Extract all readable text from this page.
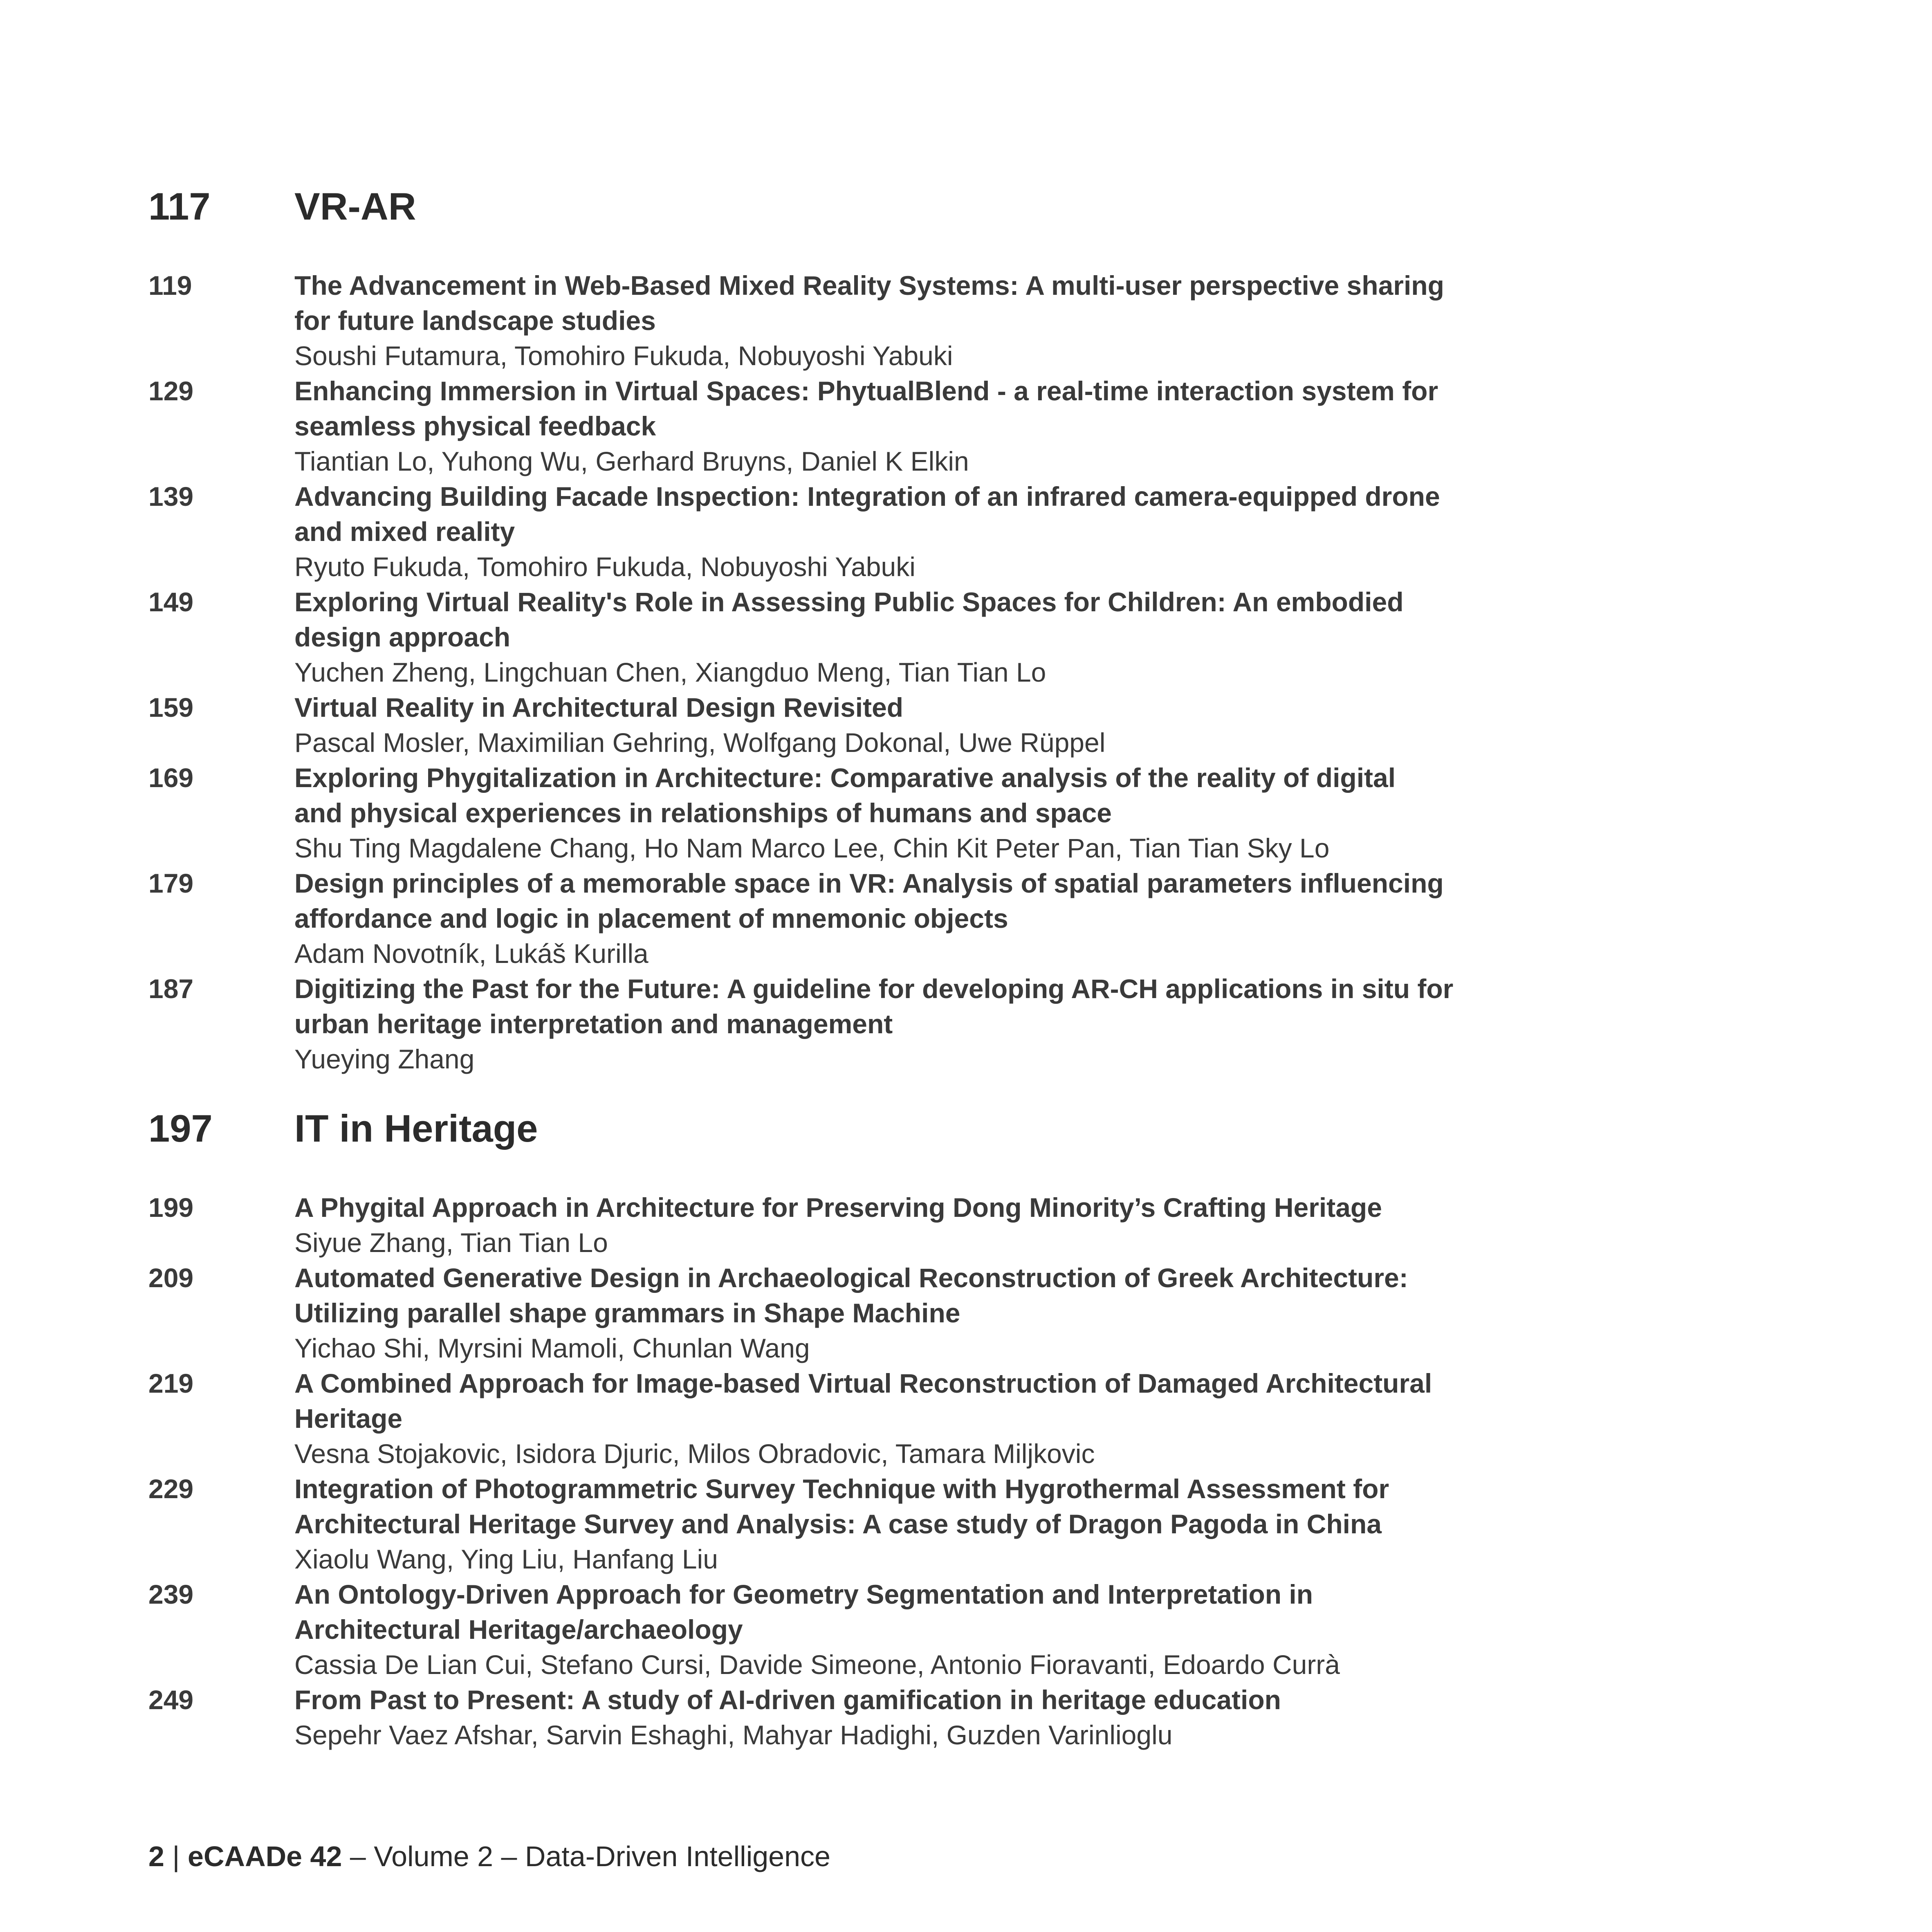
117	VR-AR
119	The Advancement in Web-Based Mixed Reality Systems: A multi-user perspective sharing
for future landscape studies
Soushi Futamura, Tomohiro Fukuda, Nobuyoshi Yabuki
129	Enhancing Immersion in Virtual Spaces: PhytualBlend - a real-time interaction system for
seamless physical feedback
Tiantian Lo, Yuhong Wu, Gerhard Bruyns, Daniel K Elkin
139	Advancing Building Facade Inspection: Integration of an infrared camera-equipped drone
and mixed reality
Ryuto Fukuda, Tomohiro Fukuda, Nobuyoshi Yabuki
149	Exploring Virtual Reality's Role in Assessing Public Spaces for Children: An embodied
design approach
Yuchen Zheng, Lingchuan Chen, Xiangduo Meng, Tian Tian Lo
159	Virtual Reality in Architectural Design Revisited
Pascal Mosler, Maximilian Gehring, Wolfgang Dokonal, Uwe Rüppel
169	Exploring Phygitalization in Architecture: Comparative analysis of the reality of digital
and physical experiences in relationships of humans and space
Shu Ting Magdalene Chang, Ho Nam Marco Lee, Chin Kit Peter Pan, Tian Tian Sky Lo
179	Design principles of a memorable space in VR: Analysis of spatial parameters influencing
affordance and logic in placement of mnemonic objects
Adam Novotník, Lukáš Kurilla
187	Digitizing the Past for the Future: A guideline for developing AR-CH applications in situ for
urban heritage interpretation and management
Yueying Zhang
197	IT in Heritage
199	A Phygital Approach in Architecture for Preserving Dong Minority’s Crafting Heritage
Siyue Zhang, Tian Tian Lo
209	Automated Generative Design in Archaeological Reconstruction of Greek Architecture:
Utilizing parallel shape grammars in Shape Machine
Yichao Shi, Myrsini Mamoli, Chunlan Wang
219	A Combined Approach for Image-based Virtual Reconstruction of Damaged Architectural
Heritage
Vesna Stojakovic, Isidora Djuric, Milos Obradovic, Tamara Miljkovic
229	Integration of Photogrammetric Survey Technique with Hygrothermal Assessment for
Architectural Heritage Survey and Analysis: A case study of Dragon Pagoda in China
Xiaolu Wang, Ying Liu, Hanfang Liu
239	An Ontology-Driven Approach for Geometry Segmentation and Interpretation in
Architectural Heritage/archaeology
Cassia De Lian Cui, Stefano Cursi, Davide Simeone, Antonio Fioravanti, Edoardo Currà
249	From Past to Present: A study of AI-driven gamification in heritage education
Sepehr Vaez Afshar, Sarvin Eshaghi, Mahyar Hadighi, Guzden Varinlioglu
2 | eCAADe 42 – Volume 2 – Data-Driven Intelligence
